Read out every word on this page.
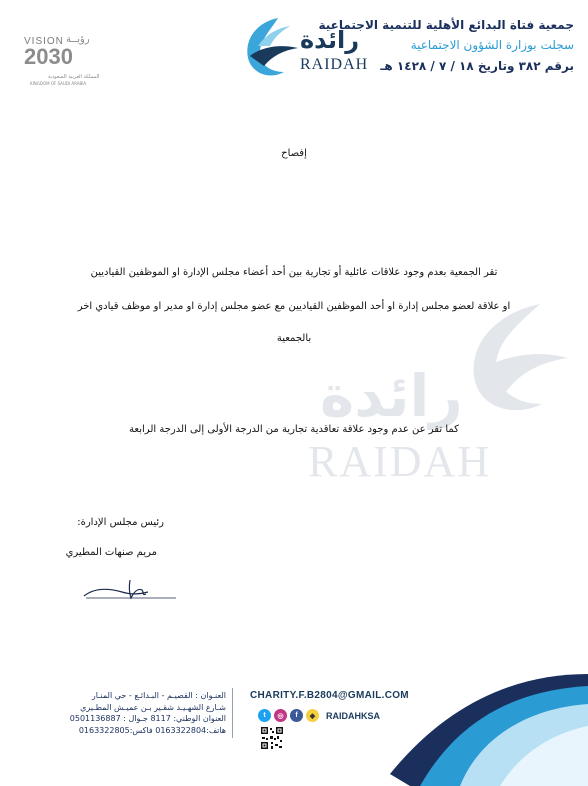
VISION رؤيــة
2030
المملكة العربية السعودية
KINGDOM OF SAUDI ARABIA
رائدة
RAIDAH
جمعية فتاة البدائع الأهلية للتنمية الاجتماعية
سجلت بوزارة الشؤون الاجتماعية
برقم ٣٨٢ وتاريخ ١٨ / ٧ / ١٤٢٨ هـ
رائدة
RAIDAH
إفصاح
تقر الجمعية بعدم وجود علاقات عائلية أو تجارية بين أحد أعضاء مجلس الإدارة او الموظفين القياديين
او علاقة لعضو مجلس إدارة او أحد الموظفين القياديين مع عضو مجلس إدارة او مدير او موظف قيادي اخر
بالجمعية
كما تقر عن عدم وجود علاقة تعاقدية تجارية من الدرجة الأولى إلى الدرجة الرابعة
رئيس مجلس الإدارة:
مريم صنهات المطيري
CHARITY.F.B2804@GMAIL.COM
t	◎	f	◆	RAIDAHKSA
العنـوان : القصيـم - البـدائـع - حي المنـار
شـارع الشهـيـد شقـير بـن عميـش المطـيري
العنوان الوطني: 8117 جـوال : 0501136887
هاتف:0163322804 فاكس:0163322805
